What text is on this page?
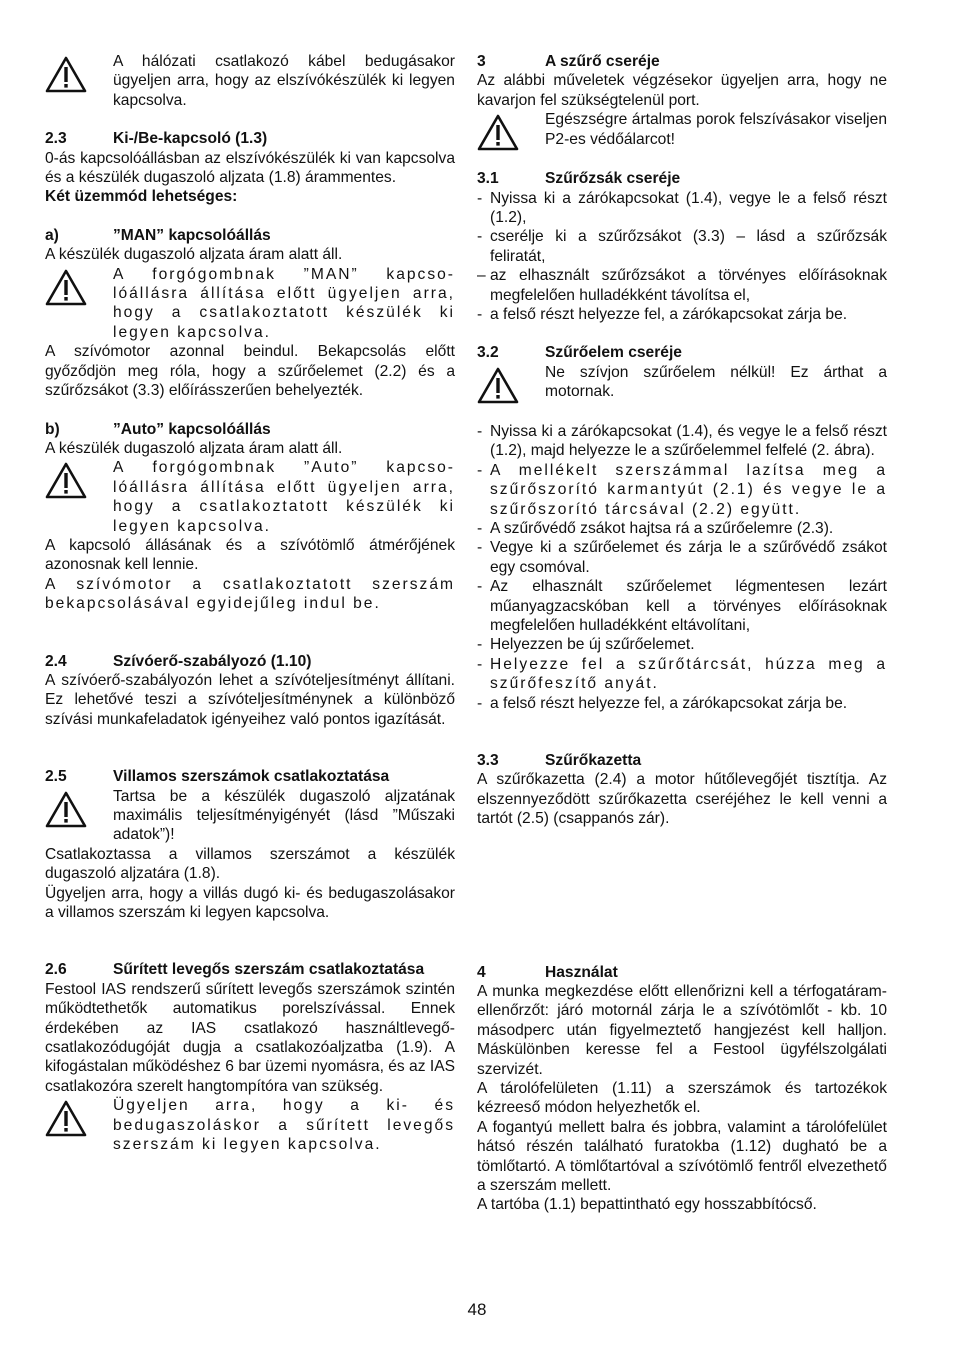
A hálózati csatlakozó kábel bedugásakor ügyeljen arra, hogy az elszívókészülék ki legyen kapcsolva.

2.3	Ki-/Be-kapcsoló (1.3)

0-ás kapcsolóállásban az elszívókészülék ki van kapcsolva és a készülék dugaszoló aljzata (1.8) árammentes.

Két üzemmód lehetséges:

a)	”MAN” kapcsolóállás

A készülék dugaszoló aljzata áram alatt áll.

A forgógombnak ”MAN” kapcso-lóállásra állítása előtt ügyeljen arra, hogy a csatlakoztatott készülék ki legyen kapcsolva.

A szívómotor azonnal beindul. Bekapcsolás előtt győződjön meg róla, hogy a szűrőelemet (2.2) és a szűrőzsákot (3.3) előírásszerűen behelyezték.

b)	”Auto” kapcsolóállás

A készülék dugaszoló aljzata áram alatt áll.

A forgógombnak ”Auto” kapcso-lóállásra állítása előtt ügyeljen arra, hogy a csatlakoztatott készülék ki legyen kapcsolva.

A kapcsoló állásának és a szívótömlő átmérőjének azonosnak kell lennie.

A szívómotor a csatlakoztatott szerszám bekapcsolásával egyidejűleg indul be.

2.4	Szívóerő-szabályozó (1.10)

A szívóerő-szabályozón lehet a szívóteljesítményt állítani. Ez lehetővé teszi a szívóteljesítménynek a különböző szívási munkafeladatok igényeihez való pontos igazítását.

2.5	Villamos szerszámok csatlakoztatása

Tartsa be a készülék dugaszoló aljzatának maximális teljesítményigényét (lásd ”Műszaki adatok”)!

Csatlakoztassa a villamos szerszámot a készülék dugaszoló aljzatára (1.8).

Ügyeljen arra, hogy a villás dugó ki- és bedugaszolásakor a villamos szerszám ki legyen kapcsolva.

2.6	Sűrített levegős szerszám csatlakoztatása

Festool IAS rendszerű sűrített levegős szerszámok szintén működtethetők automatikus porelszívással. Ennek érdekében az IAS csatlakozó használtlevegő-csatlakozódugóját dugja a csatlakozóaljzatba (1.9). A kifogástalan működéshez 6 bar üzemi nyomásra, és az IAS csatlakozóra szerelt hangtompítóra van szükség.

Ügyeljen arra, hogy a ki- és bedugaszoláskor a sűrített levegős szerszám ki legyen kapcsolva.

3	A szűrő cseréje

Az alábbi műveletek végzésekor ügyeljen arra, hogy ne kavarjon fel szükségtelenül port.

Egészségre ártalmas porok felszívásakor viseljen P2-es védőálarcot!

3.1	Szűrőzsák cseréje

- Nyissa ki a zárókapcsokat (1.4), vegye le a felső részt (1.2),
- cserélje ki a szűrőzsákot (3.3) – lásd a szűrőzsák feliratát,
– az elhasznált szűrőzsákot a törvényes előírásoknak megfelelően hulladékként távolítsa el,
- a felső részt helyezze fel, a zárókapcsokat zárja be.

3.2	Szűrőelem cseréje

Ne szívjon szűrőelem nélkül! Ez árthat a motornak.

- Nyissa ki a zárókapcsokat (1.4), és vegye le a felső részt (1.2), majd helyezze le a szűrőelemmel felfelé (2. ábra).
- A mellékelt szerszámmal lazítsa meg a szűrőszorító karmantyút (2.1) és vegye le a szűrőszorító tárcsával (2.2) együtt.
- A szűrővédő zsákot hajtsa rá a szűrőelemre (2.3).
- Vegye ki a szűrőelemet és zárja le a szűrővédő zsákot egy csomóval.
- Az elhasznált szűrőelemet légmentesen lezárt műanyagzacskóban kell a törvényes előírásoknak megfelelően hulladékként eltávolítani,
- Helyezzen be új szűrőelemet.
- Helyezze fel a szűrőtárcsát, húzza meg a szűrőfeszítő anyát.
- a felső részt helyezze fel, a zárókapcsokat zárja be.

3.3	Szűrőkazetta

A szűrőkazetta (2.4) a motor hűtőlevegőjét tisztítja. Az elszennyeződött szűrőkazetta cseréjéhez le kell venni a tartót (2.5) (csappanós zár).

4	Használat

A munka megkezdése előtt ellenőrizni kell a térfogatáram-ellenőrzőt: járó motornál zárja le a szívótömlőt - kb. 10 másodperc után figyelmeztető hangjezést kell halljon. Máskülönben keresse fel a Festool ügyfélszolgálati szervizét.

A tárolófelületen (1.11) a szerszámok és tartozékok kézreeső módon helyezhetők el.

A fogantyú mellett balra és jobbra, valamint a tárolófelület hátsó részén található furatokba (1.12) dugható be a tömlőtartó. A tömlőtartóval a szívótömlő fentről elvezethető a szerszám mellett.

A tartóba (1.1) bepattintható egy hosszabbítócső.

48
